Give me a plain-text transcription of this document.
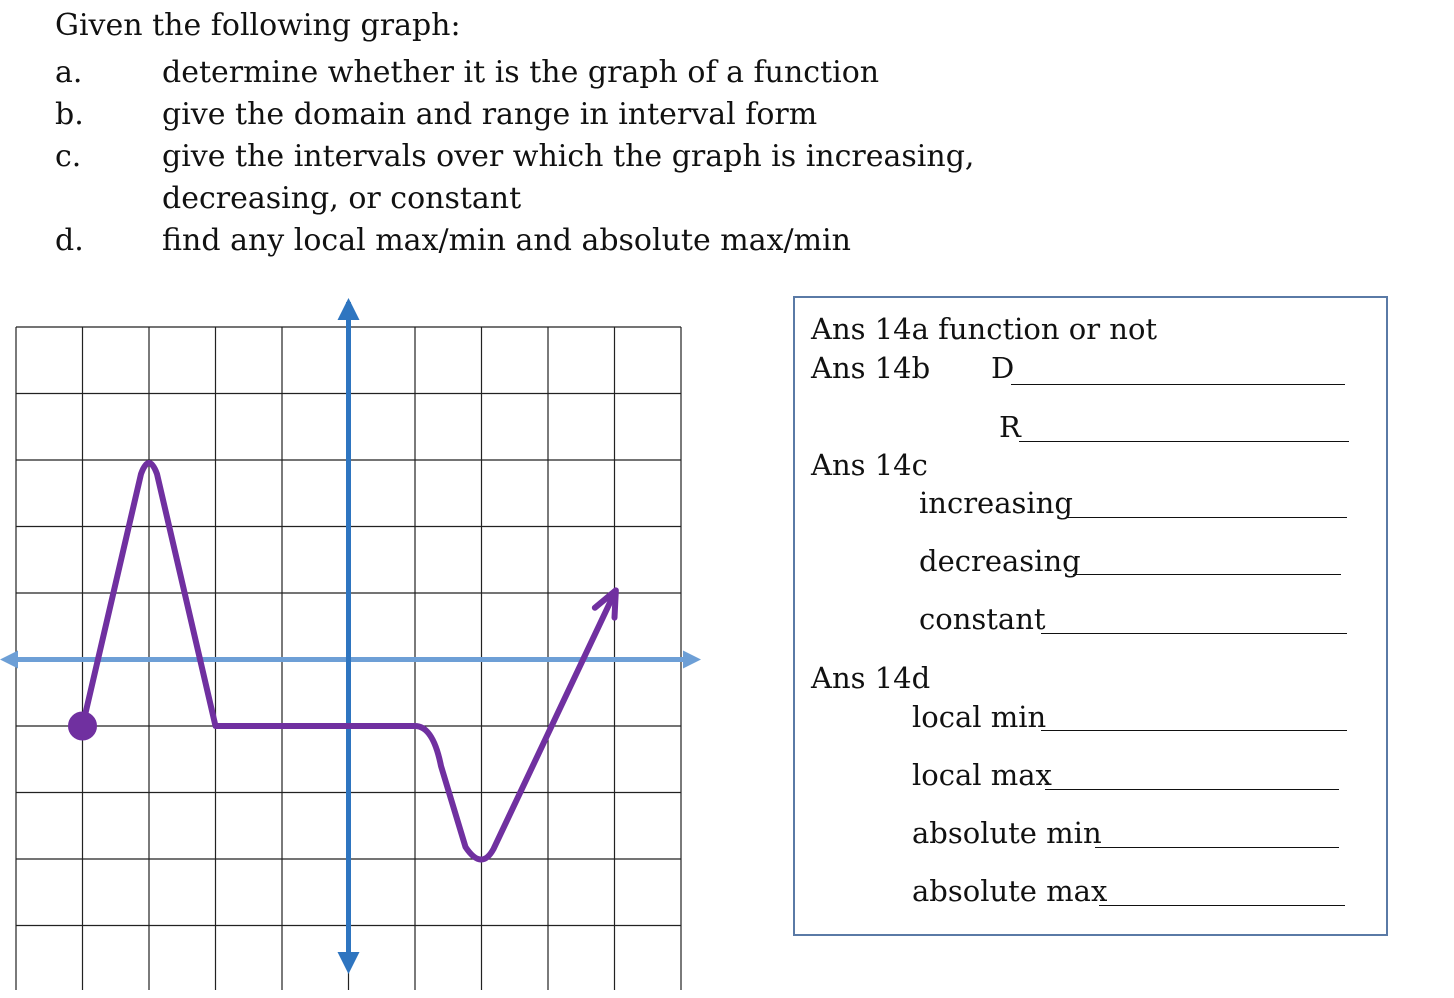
Given the following graph:
a.	determine whether it is the graph of a function
b.	give the domain and range in interval form
c.	give the intervals over which the graph is increasing,
decreasing, or constant
d.	find any local max/min and absolute max/min
Ans 14a function or not
Ans 14b D
R
Ans 14c
increasing
decreasing
constant
Ans 14d
local min
local max
absolute min
absolute max
